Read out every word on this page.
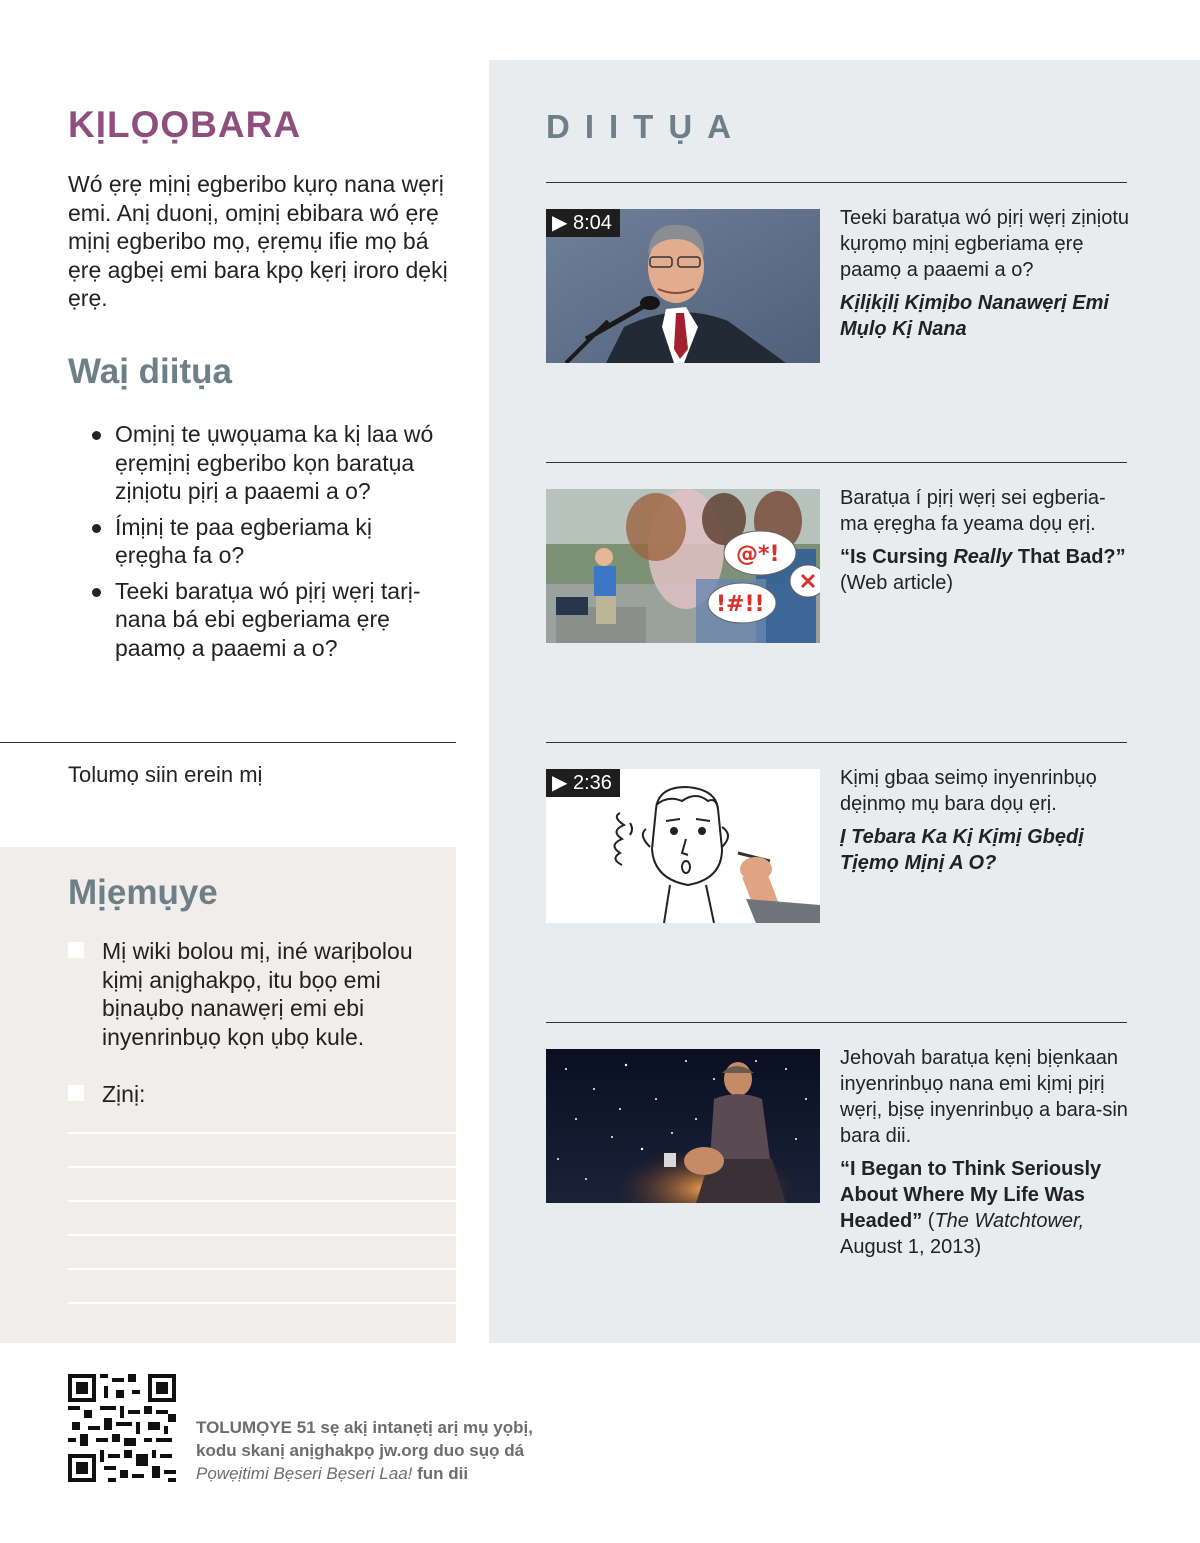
KỊLỌỌBARA

Wó ẹrẹ mịnị egberibo kụrọ nana wẹrị emi. Anị duonị, omịnị ebibara wó ẹrẹ mịnị egberibo mọ, ẹrẹmụ ifie mọ bá ẹrẹ agbẹị emi bara kpọ kẹrị iroro dẹkị ẹrẹ.

Waị diitụa
Omịnị te ụwọụama ka kị laa wó ẹrẹmịnị egberibo kọn baratụa zịnịotu pịrị a paaemi a o?
Ímịnị te paa egberiama kị ẹrẹgha fa o?
Teeki baratụa wó pịrị wẹrị tarị-nana bá ebi egberiama ẹrẹ paamọ a paaemi a o?
Tolumọ siin erein mị
Mịẹmụye
Mị wiki bolou mị, iné warịbolou kịmị anịghakpọ, itu bọọ emi bịnaụbọ nanawẹrị emi ebi inyenrinbụọ kọn ụbọ kule.
Zịnị:
DIITỤA
▶ 8:04	Teeki baratụa wó pịrị wẹrị zịnịotu kụrọmọ mịnị egberiama ẹrẹ paamọ a paaemi a o?

Kịlịkịlị Kịmịbo Nanawẹrị Emi Mụlọ Kị Nana

@*!
!#!!

Baratụa í pịrị wẹrị sei egberia-ma ẹrẹgha fa yeama dọụ ẹrị.

“Is Cursing Really That Bad?”
(Web article)

▶ 2:36	Kịmị gbaa seimọ inyenrinbụọ dẹịnmọ mụ bara dọụ ẹrị.

Ị Tebara Ka Kị Kịmị Gbẹdị Tịẹmọ Mịnị A O?

Jehovah baratụa kẹnị bịẹnkaan inyenrinbụọ nana emi kịmị pịrị wẹrị, bịsẹ inyenrinbụọ a bara-sin bara dii.

“I Began to Think Seriously About Where My Life Was Headed” (The Watchtower, August 1, 2013)

TOLUMỌYE 51 sẹ akị intanẹtị arị mụ yọbị, kodu skanị anịghakpọ jw.org duo sụọ dá
Pọwẹịtimi Bẹseri Bẹseri Laa! fun dii
